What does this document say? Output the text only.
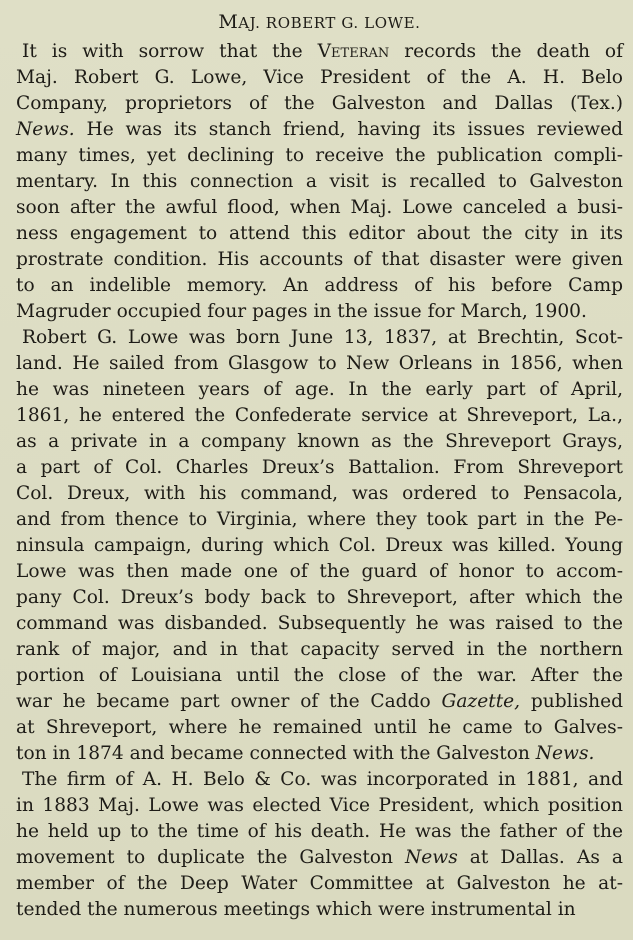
MAJ. ROBERT G. LOWE.
It is with sorrow that the Veteran records the death of
Maj. Robert G. Lowe, Vice President of the A. H. Belo
Company, proprietors of the Galveston and Dallas (Tex.)
News. He was its stanch friend, having its issues reviewed
many times, yet declining to receive the publication compli-
mentary. In this connection a visit is recalled to Galveston
soon after the awful flood, when Maj. Lowe canceled a busi-
ness engagement to attend this editor about the city in its
prostrate condition. His accounts of that disaster were given
to an indelible memory. An address of his before Camp
Magruder occupied four pages in the issue for March, 1900.
Robert G. Lowe was born June 13, 1837, at Brechtin, Scot-
land. He sailed from Glasgow to New Orleans in 1856, when
he was nineteen years of age. In the early part of April,
1861, he entered the Confederate service at Shreveport, La.,
as a private in a company known as the Shreveport Grays,
a part of Col. Charles Dreux’s Battalion. From Shreveport
Col. Dreux, with his command, was ordered to Pensacola,
and from thence to Virginia, where they took part in the Pe-
ninsula campaign, during which Col. Dreux was killed. Young
Lowe was then made one of the guard of honor to accom-
pany Col. Dreux’s body back to Shreveport, after which the
command was disbanded. Subsequently he was raised to the
rank of major, and in that capacity served in the northern
portion of Louisiana until the close of the war. After the
war he became part owner of the Caddo Gazette, published
at Shreveport, where he remained until he came to Galves-
ton in 1874 and became connected with the Galveston News.
The firm of A. H. Belo & Co. was incorporated in 1881, and
in 1883 Maj. Lowe was elected Vice President, which position
he held up to the time of his death. He was the father of the
movement to duplicate the Galveston News at Dallas. As a
member of the Deep Water Committee at Galveston he at-
tended the numerous meetings which were instrumental in
